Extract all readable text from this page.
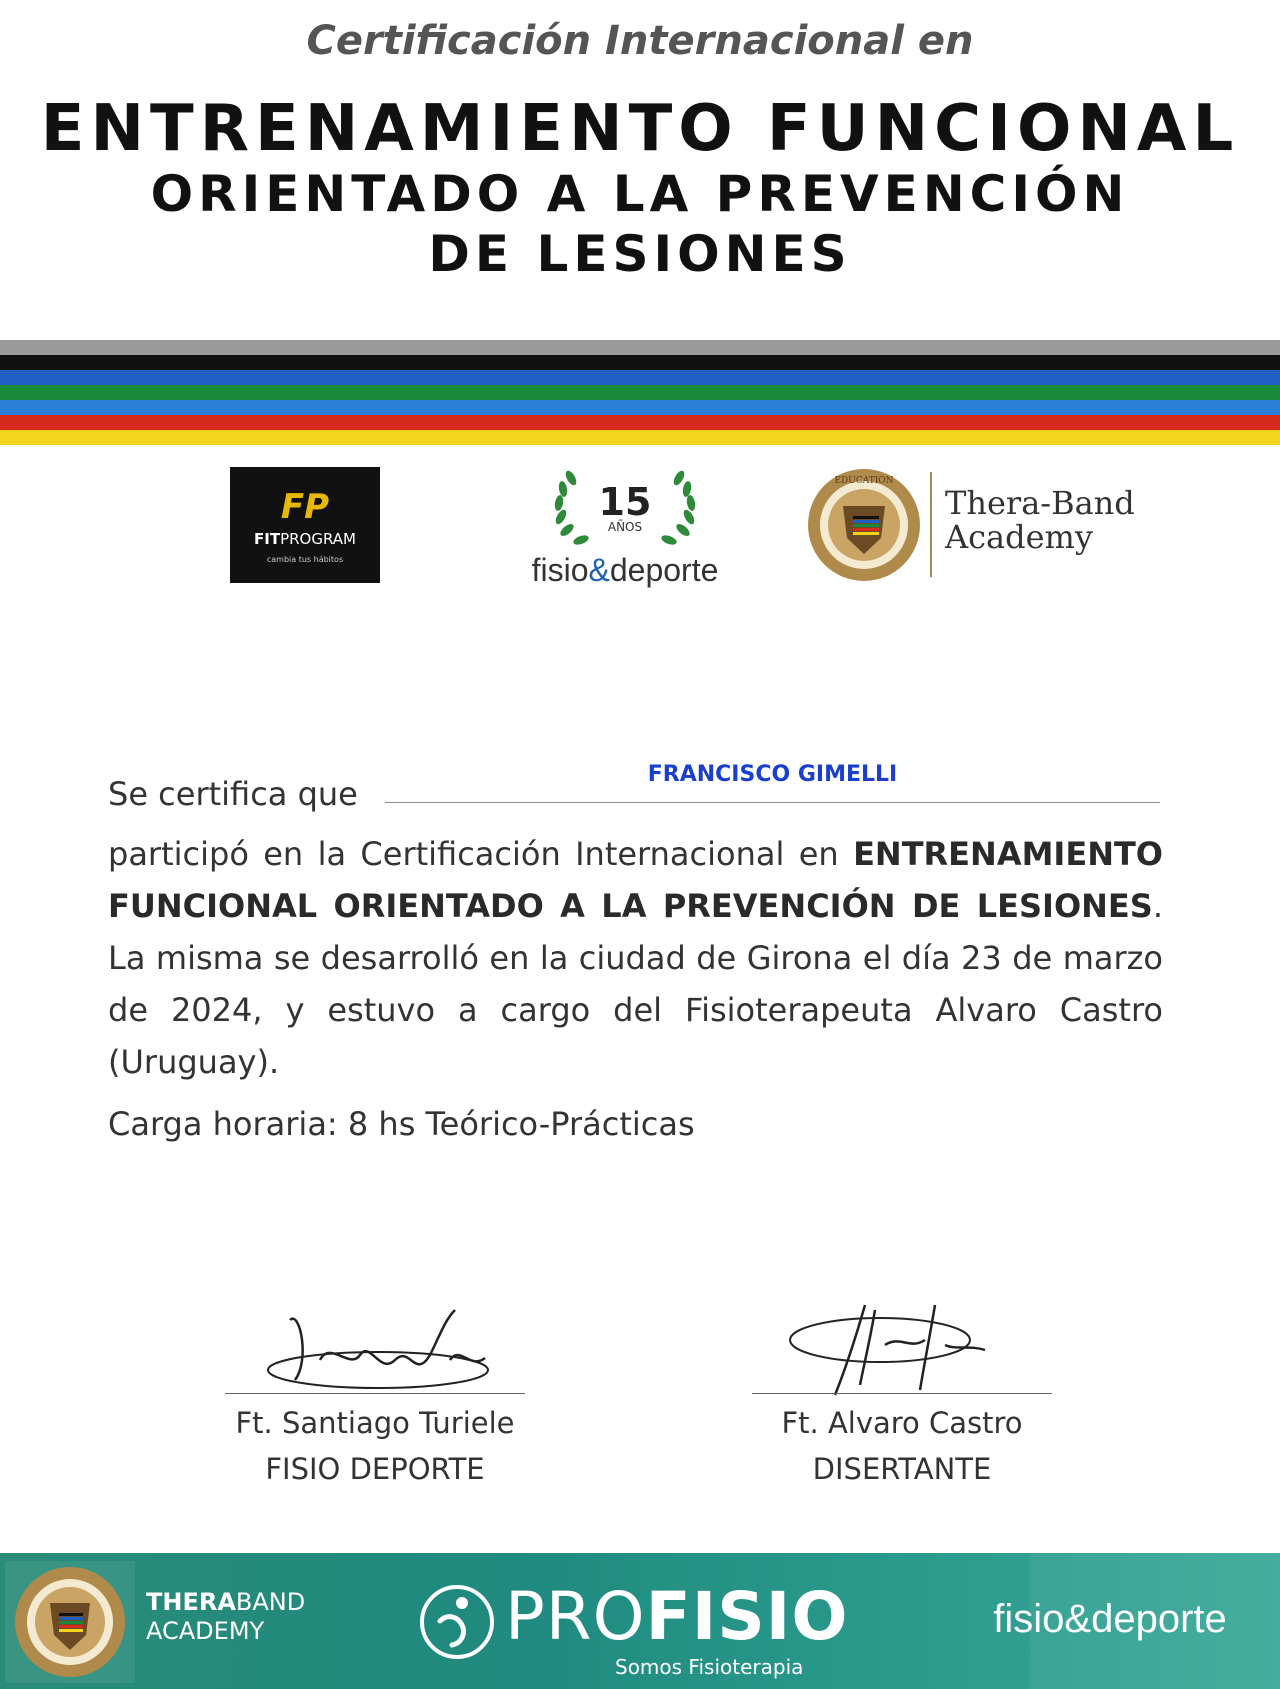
Certificación Internacional en
ENTRENAMIENTO FUNCIONAL
ORIENTADO A LA PREVENCIÓN
DE LESIONES
FP
FITPROGRAM
cambia tus hábitos
15
AÑOS
fisio&deporte
EDUCATION
Thera-Band
Academy
Se certifica que
FRANCISCO GIMELLI
participó en la Certificación Internacional en ENTRENAMIENTO FUNCIONAL ORIENTADO A LA PREVENCIÓN DE LESIONES. La misma se desarrolló en la ciudad de Girona el día 23 de marzo de 2024, y estuvo a cargo del Fisioterapeuta Alvaro Castro (Uruguay).
Carga horaria: 8 hs Teórico-Prácticas
Ft. Santiago Turiele	Ft. Alvaro Castro
FISIO DEPORTE	DISERTANTE
THERABAND
ACADEMY	PROFISIO
Somos Fisioterapia
fisio&deporte
